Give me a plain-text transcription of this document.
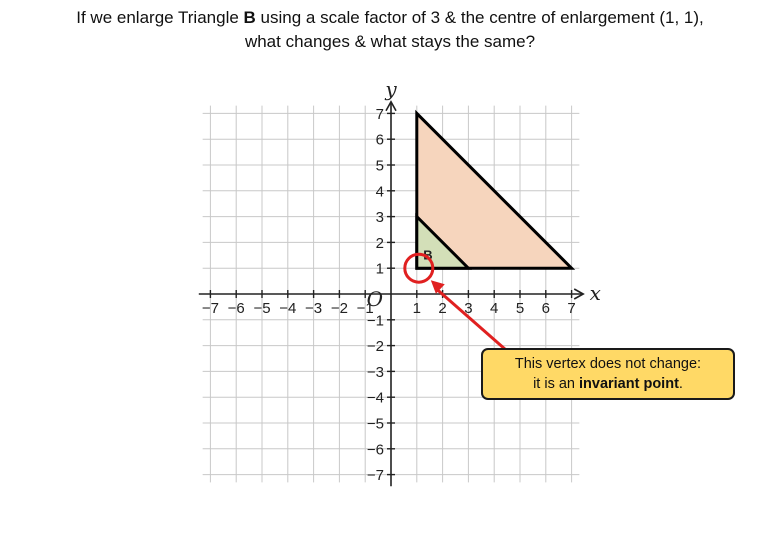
If we enlarge Triangle B using a scale factor of 3 & the centre of enlargement (1, 1),
what changes & what stays the same?
−7 −6 −5 −4 −3 −2 −1	1 2 3 4 5 6 7
7
6
5
4
3
2
1
−1
−2
−3
−4
−5
−6
−7
O	x
y
B
This vertex does not change:
it is an invariant point.
